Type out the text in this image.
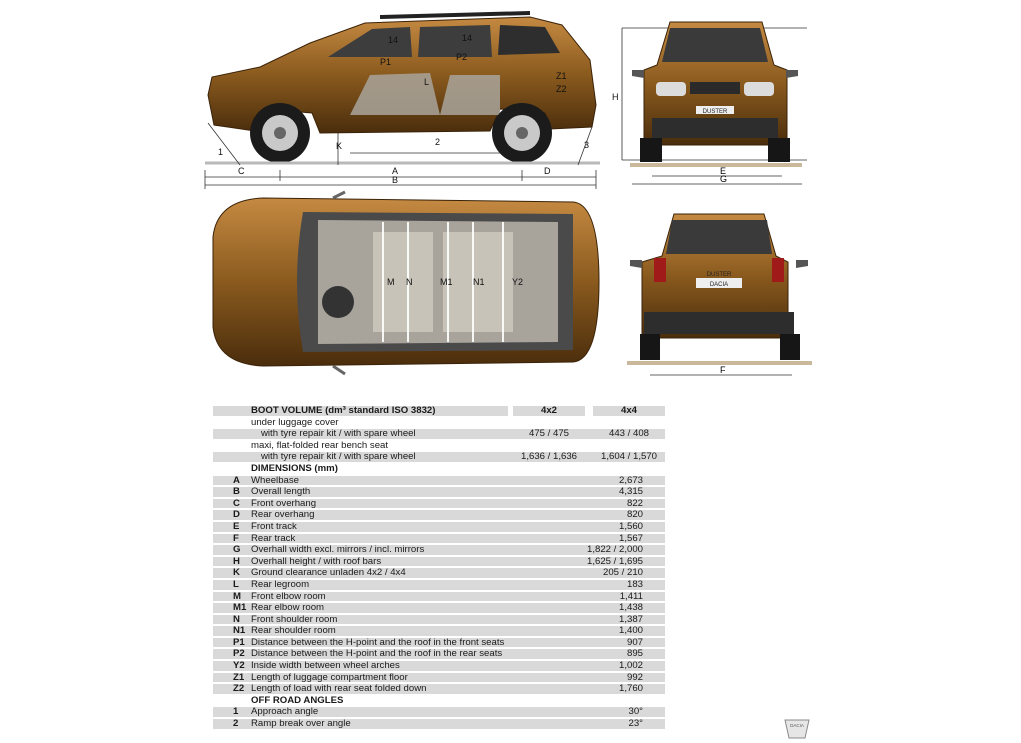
1
2	3
A
B
C	D
H
K
L
P1	P2
Z1
Z2
14	14
DUSTER
E
G
M N	M1 N1	Y2
DUSTER
DACIA
F
BOOT VOLUME (dm³ standard ISO 3832)	4x2	4x4
under luggage cover
with tyre repair kit / with spare wheel	475 / 475	443 / 408
maxi, flat-folded rear bench seat
with tyre repair kit / with spare wheel	1,636 / 1,636	1,604 / 1,570
DIMENSIONS (mm)
A Wheelbase	2,673
B Overall length	4,315
C Front overhang	822
D Rear overhang	820
E Front track	1,560
F Rear track	1,567
G Overhall width excl. mirrors / incl. mirrors	1,822 / 2,000
H Overhall height / with roof bars	1,625 / 1,695
K Ground clearance unladen 4x2 / 4x4	205 / 210
L Rear legroom	183
M Front elbow room	1,411
M1 Rear elbow room	1,438
N Front shoulder room	1,387
N1 Rear shoulder room	1,400
P1 Distance between the H-point and the roof in the front seats	907
P2 Distance between the H-point and the roof in the rear seats	895
Y2 Inside width between wheel arches	1,002
Z1 Length of luggage compartment floor	992
Z2 Length of load with rear seat folded down	1,760
OFF ROAD ANGLES
1 Approach angle	30°
2 Ramp break over angle	23°	DACIA
